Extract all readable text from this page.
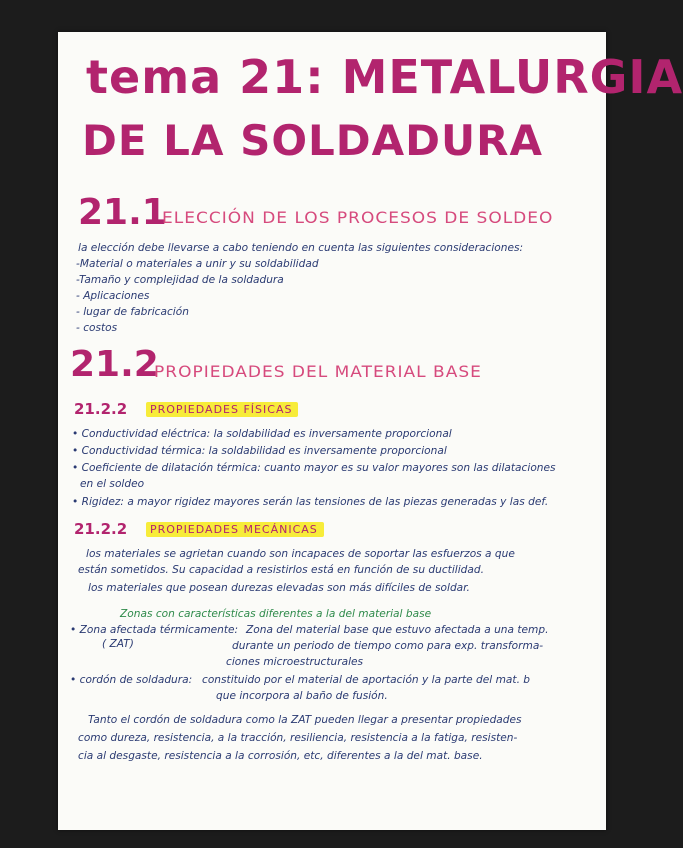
tema 21: METALURGIA
DE LA SOLDADURA
21.1
ELECCIÓN DE LOS PROCESOS DE SOLDEO
la elección debe llevarse a cabo teniendo en cuenta las siguientes consideraciones:
-Material o materiales a unir y su soldabilidad
-Tamaño y complejidad de la soldadura
- Aplicaciones
- lugar de fabricación
- costos
21.2
PROPIEDADES DEL MATERIAL BASE
21.2.2	PROPIEDADES FÍSICAS
• Conductividad eléctrica: la soldabilidad es inversamente proporcional
• Conductividad térmica: la soldabilidad es inversamente proporcional
• Coeficiente de dilatación térmica: cuanto mayor es su valor mayores son las dilataciones
en el soldeo
• Rigidez: a mayor rigidez mayores serán las tensiones de las piezas generadas y las def.
21.2.2	PROPIEDADES MECÁNICAS
los materiales se agrietan cuando son incapaces de soportar las esfuerzos a que
están sometidos. Su capacidad a resistirlos está en función de su ductilidad.
los materiales que posean durezas elevadas son más difíciles de soldar.
Zonas con características diferentes a la del material base
• Zona afectada térmicamente:
( ZAT)
Zona del material base que estuvo afectada a una temp.
durante un periodo de tiempo como para exp. transforma-
ciones microestructurales
• cordón de soldadura: constituido por el material de aportación y la parte del mat. b
que incorpora al baño de fusión.
Tanto el cordón de soldadura como la ZAT pueden llegar a presentar propiedades
como dureza, resistencia, a la tracción, resiliencia, resistencia a la fatiga, resisten-
cia al desgaste, resistencia a la corrosión, etc, diferentes a la del mat. base.
